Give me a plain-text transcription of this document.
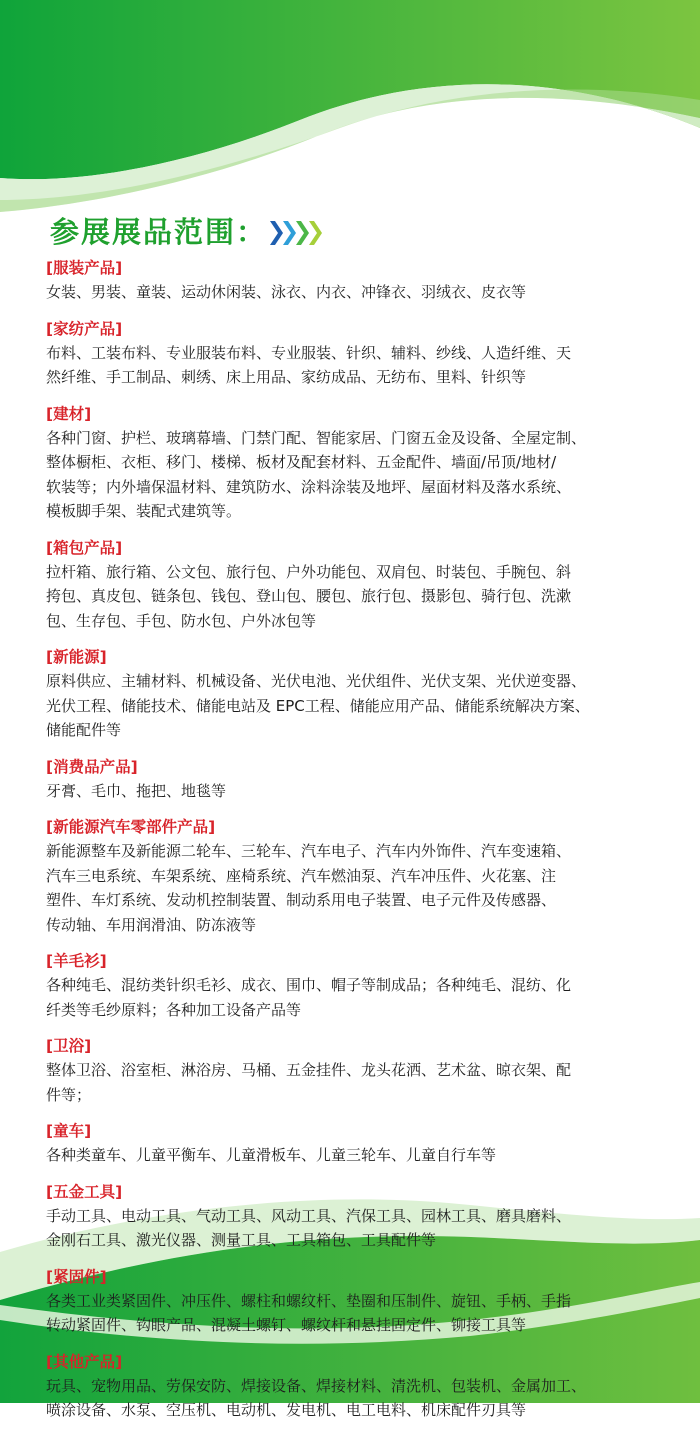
参展展品范围：
[服装产品]
女装、男装、童装、运动休闲装、泳衣、内衣、冲锋衣、羽绒衣、皮衣等
[家纺产品]
布料、工装布料、专业服装布料、专业服装、针织、辅料、纱线、人造纤维、天
然纤维、手工制品、刺绣、床上用品、家纺成品、无纺布、里料、针织等
[建材]
各种门窗、护栏、玻璃幕墙、门禁门配、智能家居、门窗五金及设备、全屋定制、
整体橱柜、衣柜、移门、楼梯、板材及配套材料、五金配件、墙面/吊顶/地材/
软装等；内外墙保温材料、建筑防水、涂料涂装及地坪、屋面材料及落水系统、
模板脚手架、装配式建筑等。
[箱包产品]
拉杆箱、旅行箱、公文包、旅行包、户外功能包、双肩包、时装包、手腕包、斜
挎包、真皮包、链条包、钱包、登山包、腰包、旅行包、摄影包、骑行包、洗漱
包、生存包、手包、防水包、户外冰包等
[新能源]
原料供应、主辅材料、机械设备、光伏电池、光伏组件、光伏支架、光伏逆变器、
光伏工程、储能技术、储能电站及 EPC工程、储能应用产品、储能系统解决方案、
储能配件等
[消费品产品]
牙膏、毛巾、拖把、地毯等
[新能源汽车零部件产品]
新能源整车及新能源二轮车、三轮车、汽车电子、汽车内外饰件、汽车变速箱、
汽车三电系统、车架系统、座椅系统、汽车燃油泵、汽车冲压件、火花塞、注
塑件、车灯系统、发动机控制装置、制动系用电子装置、电子元件及传感器、
传动轴、车用润滑油、防冻液等
[羊毛衫]
各种纯毛、混纺类针织毛衫、成衣、围巾、帽子等制成品；各种纯毛、混纺、化
纤类等毛纱原料；各种加工设备产品等
[卫浴]
整体卫浴、浴室柜、淋浴房、马桶、五金挂件、龙头花洒、艺术盆、晾衣架、配
件等；
[童车]
各种类童车、儿童平衡车、儿童滑板车、儿童三轮车、儿童自行车等
[五金工具]
手动工具、电动工具、气动工具、风动工具、汽保工具、园林工具、磨具磨料、
金刚石工具、激光仪器、测量工具、工具箱包、工具配件等
[紧固件]
各类工业类紧固件、冲压件、螺柱和螺纹杆、垫圈和压制件、旋钮、手柄、手指
转动紧固件、钩眼产品、混凝土螺钉、螺纹杆和悬挂固定件、铆接工具等
[其他产品]
玩具、宠物用品、劳保安防、焊接设备、焊接材料、清洗机、包装机、金属加工、
喷涂设备、水泵、空压机、电动机、发电机、电工电料、机床配件刃具等
